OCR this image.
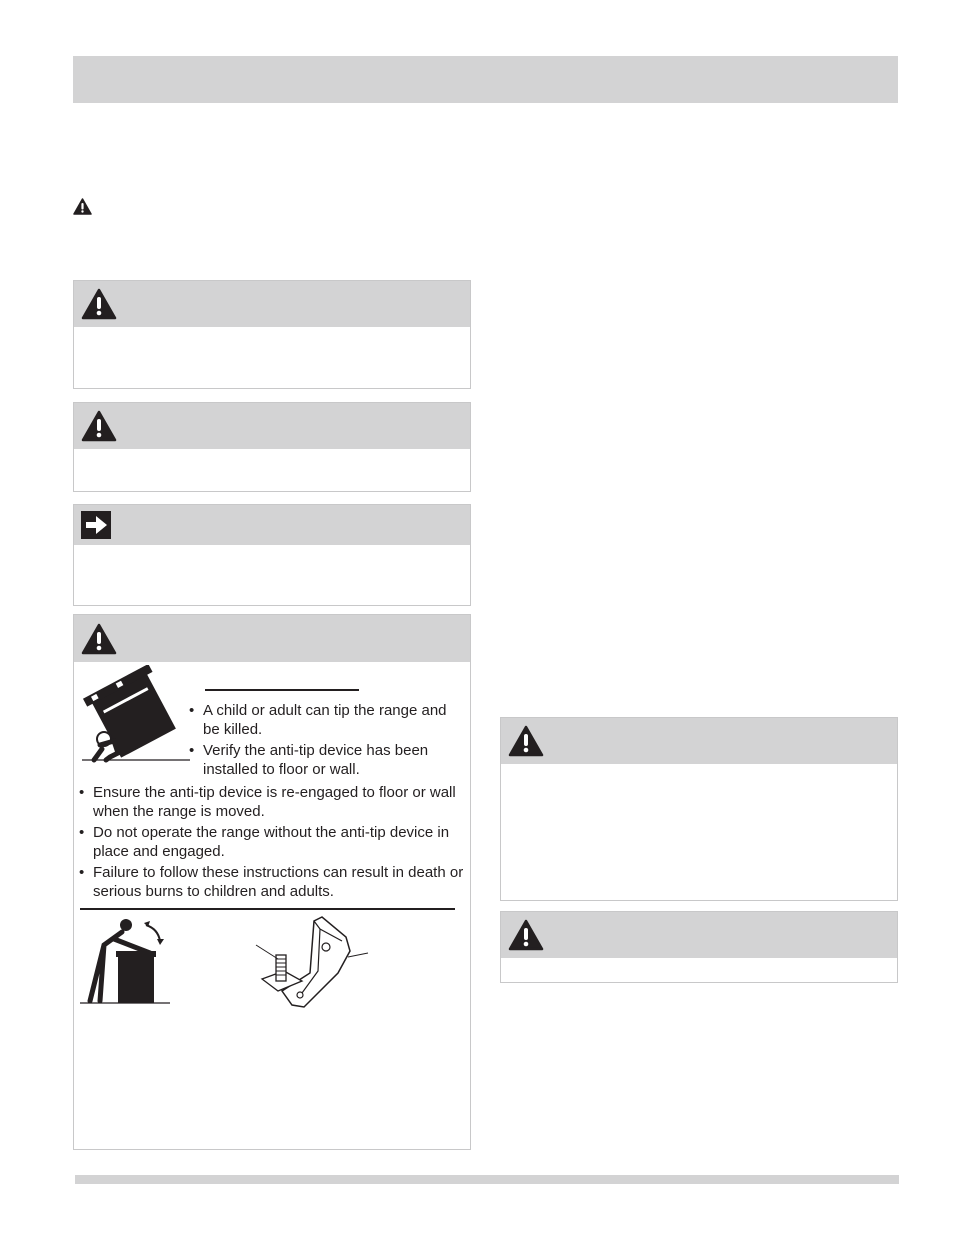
• A child or adult can tip the range and be killed.
• Verify the anti-tip device has been installed to floor or wall.
• Ensure the anti-tip device is re-engaged to floor or wall when the range is moved.
• Do not operate the range without the anti-tip device in place and engaged.
• Failure to follow these instructions can result in death or serious burns to children and adults.
